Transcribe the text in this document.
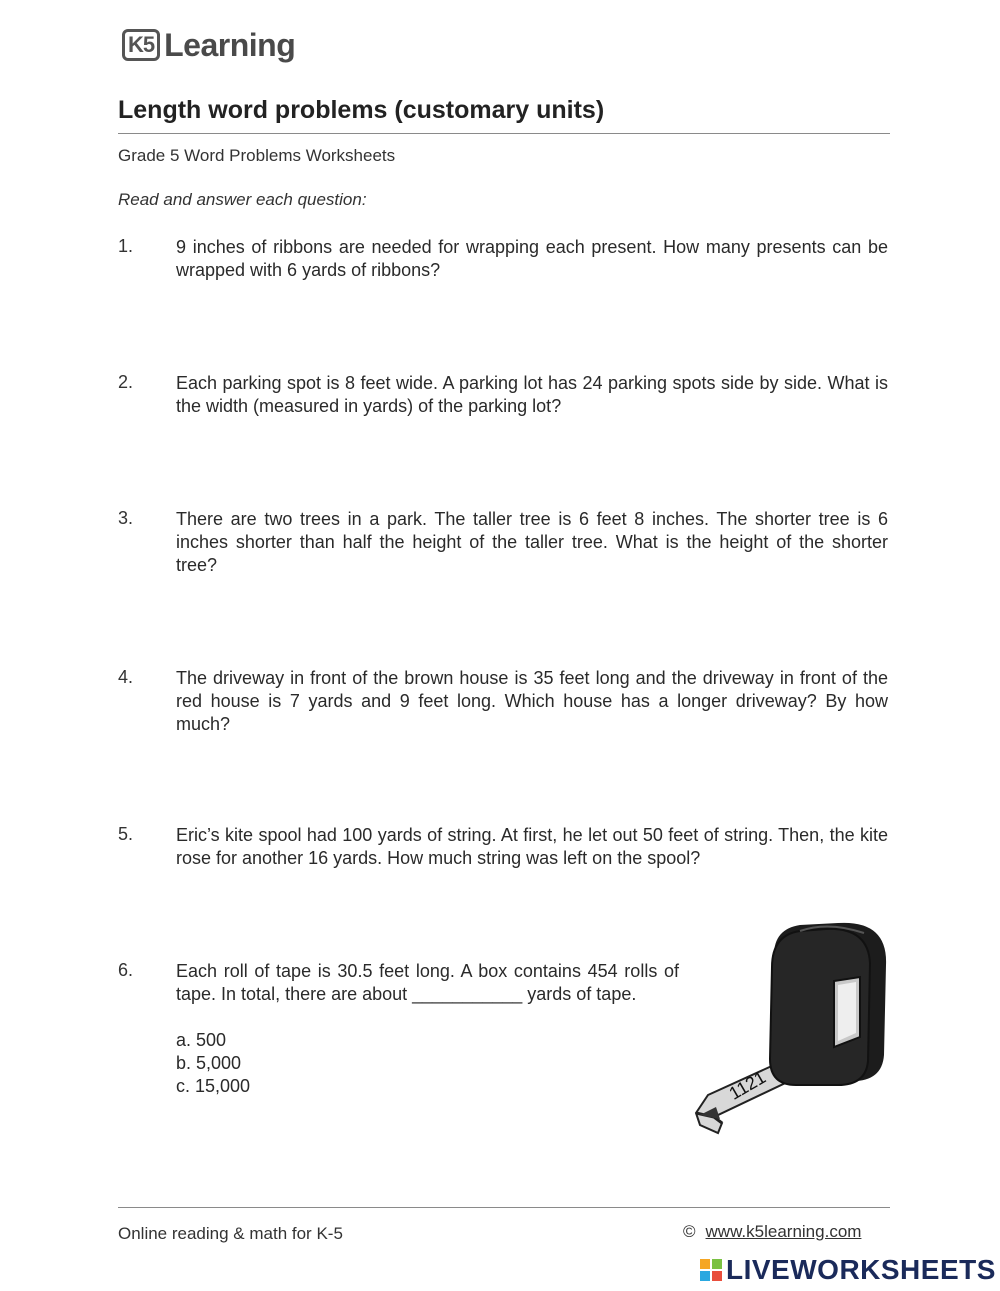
K5 Learning
Length word problems (customary units)
Grade 5 Word Problems Worksheets
Read and answer each question:
1. 9 inches of ribbons are needed for wrapping each present. How many presents can be wrapped with 6 yards of ribbons?
2. Each parking spot is 8 feet wide. A parking lot has 24 parking spots side by side. What is the width (measured in yards) of the parking lot?
3. There are two trees in a park. The taller tree is 6 feet 8 inches. The shorter tree is 6 inches shorter than half the height of the taller tree. What is the height of the shorter tree?
4. The driveway in front of the brown house is 35 feet long and the driveway in front of the red house is 7 yards and 9 feet long. Which house has a longer driveway? By how much?
5. Eric’s kite spool had 100 yards of string. At first, he let out 50 feet of string. Then, the kite rose for another 16 yards. How much string was left on the spool?
6. Each roll of tape is 30.5 feet long. A box contains 454 rolls of tape. In total, there are about ___________ yards of tape.
a. 500
b. 5,000
c. 15,000	1121
Online reading & math for K-5	© www.k5learning.com
LIVEWORKSHEETS
